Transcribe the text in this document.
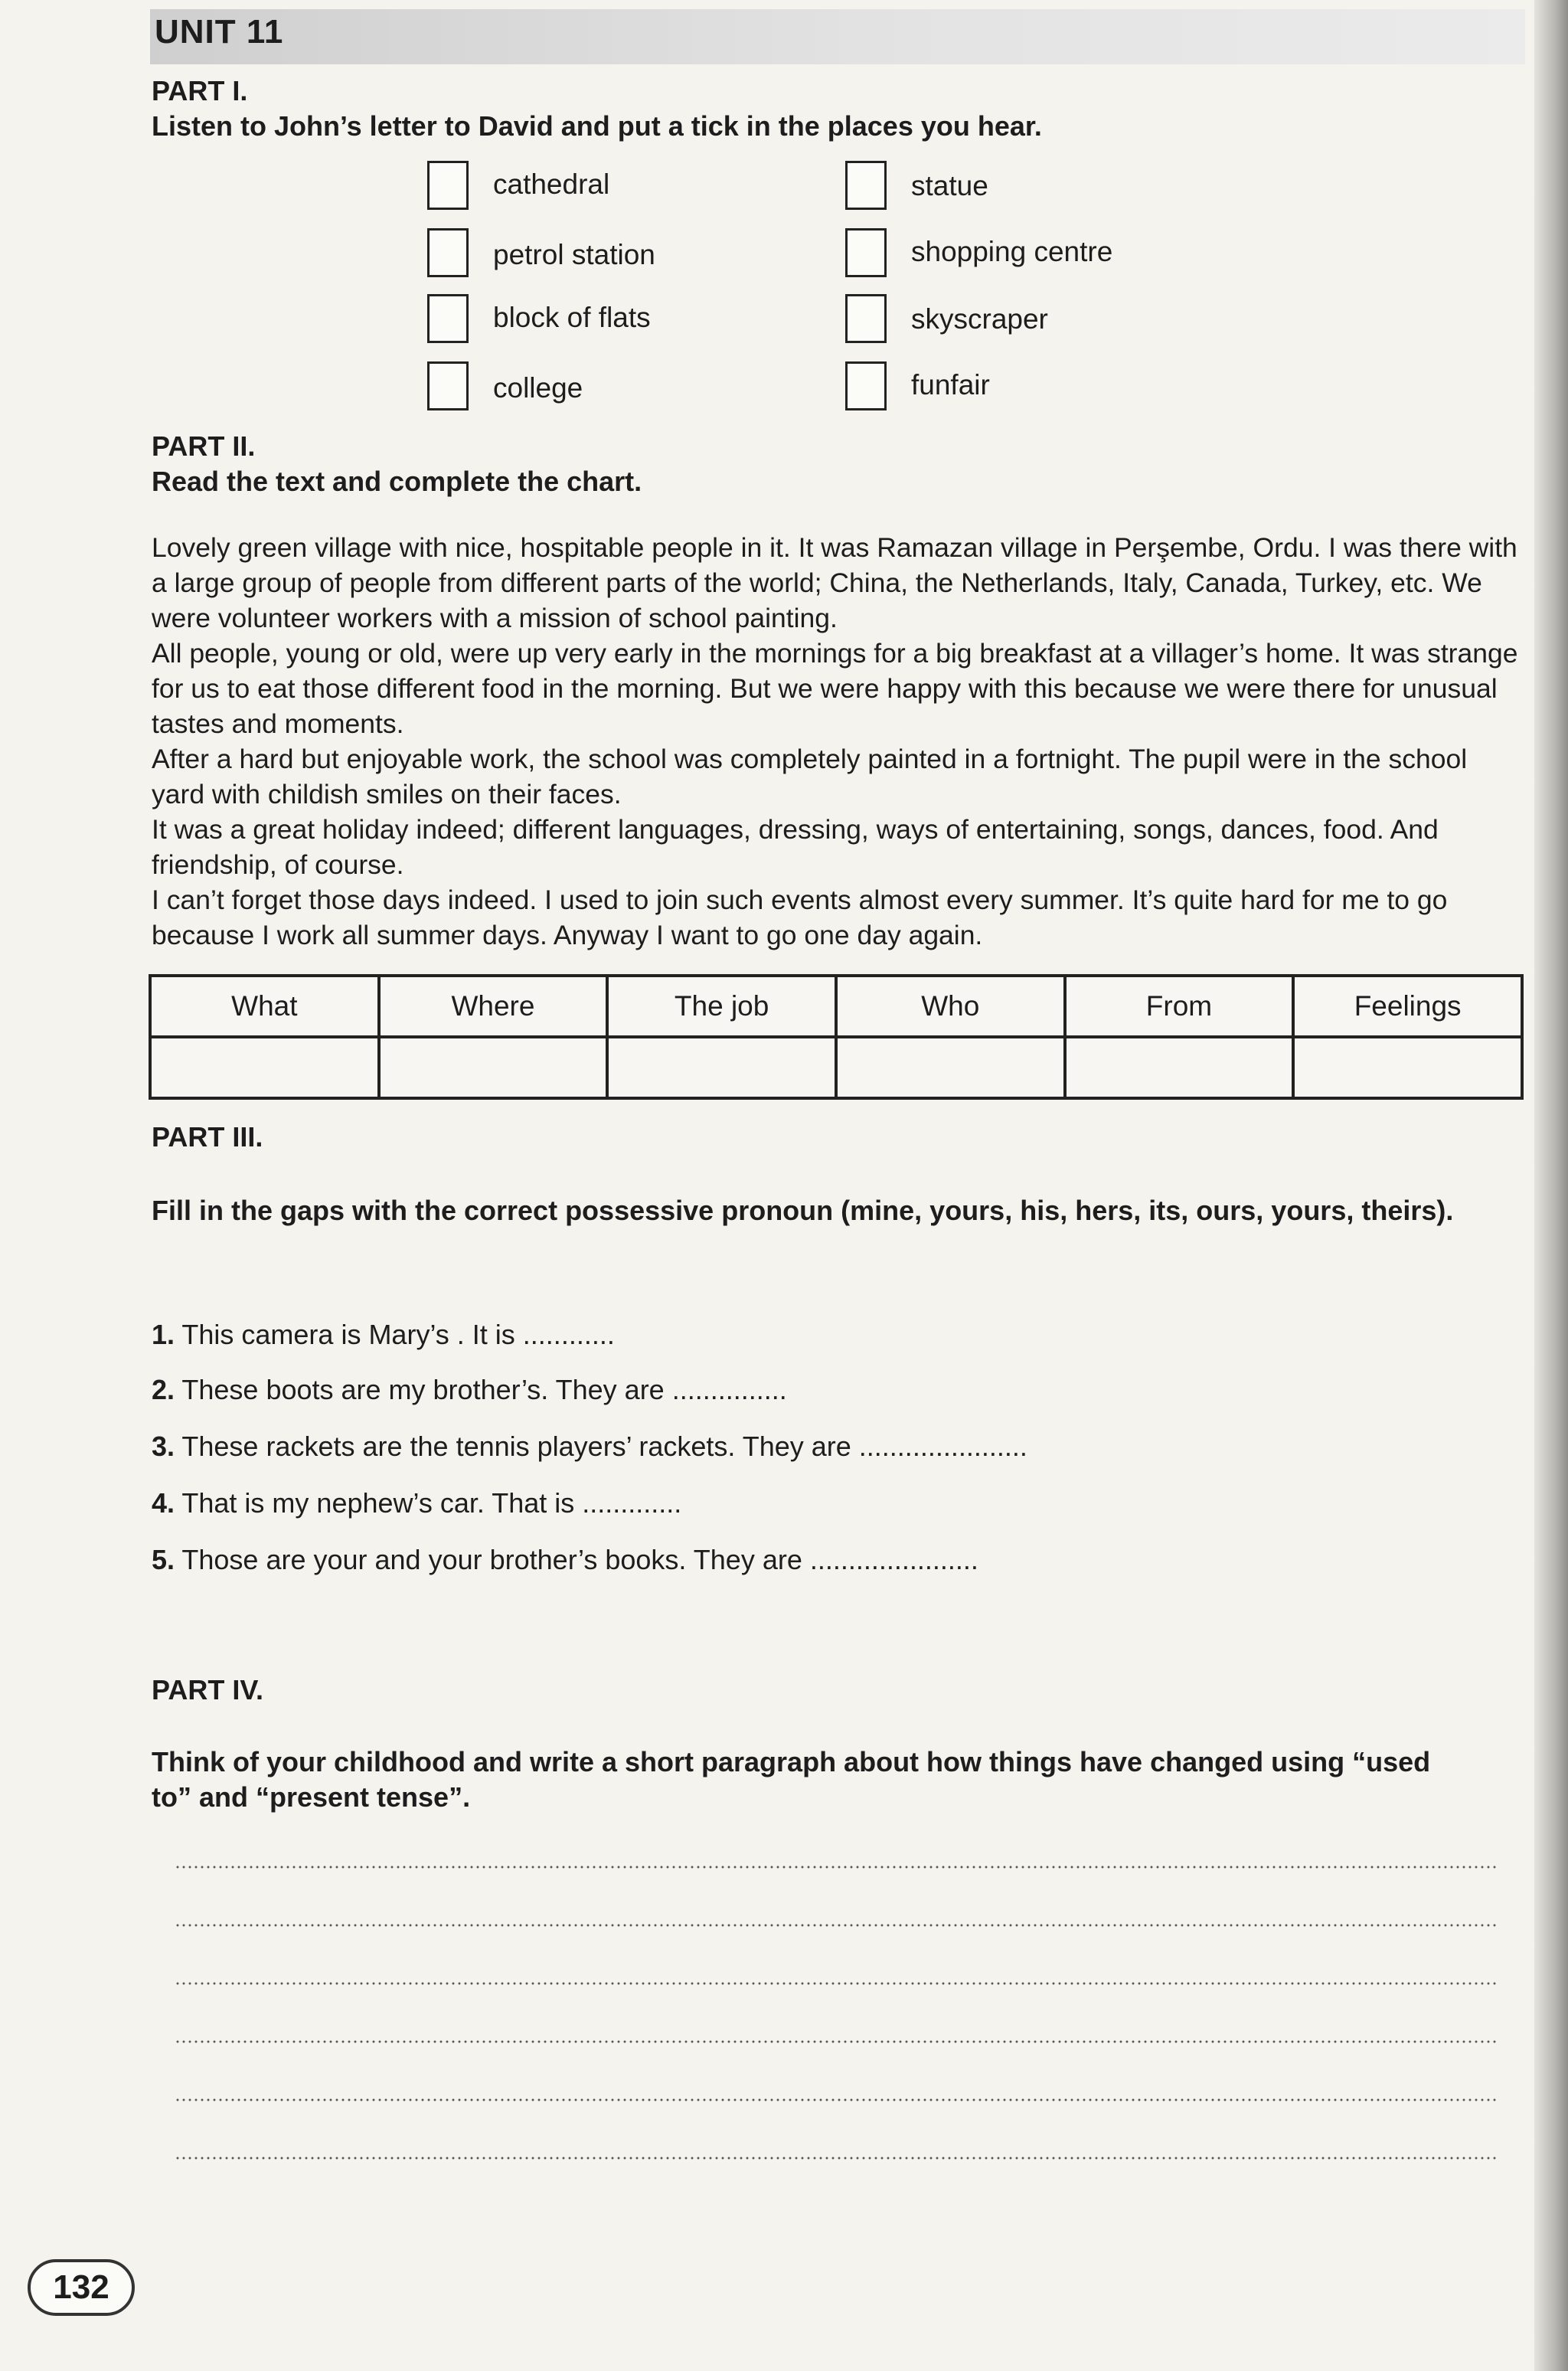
UNIT 11
PART I.
Listen to John’s letter to David and put a tick in the places you hear.
cathedral
petrol station
block of flats
college
statue
shopping centre
skyscraper
funfair
PART II.
Read the text and complete the chart.

Lovely green village with nice, hospitable people in it. It was Ramazan village in Perşembe, Ordu. I was there with a large group of people from different parts of the world; China, the Netherlands, Italy, Canada, Turkey, etc. We were volunteer workers with a mission of school painting.

All people, young or old, were up very early in the mornings for a big breakfast at a villager’s home. It was strange for us to eat those different food in the morning. But we were happy with this because we were there for unusual tastes and moments.

After a hard but enjoyable work, the school was completely painted in a fortnight. The pupil were in the school yard with childish smiles on their faces.

It was a great holiday indeed; different languages, dressing, ways of entertaining, songs, dances, food. And friendship, of course.

I can’t forget those days indeed. I used to join such events almost every summer. It’s quite hard for me to go because I work all summer days. Anyway I want to go one day again.

What	Where	The job	Who	From	Feelings

PART III.
Fill in the gaps with the correct possessive pronoun (mine, yours, his, hers, its, ours, yours, theirs).
1. This camera is Mary’s . It is ............
2. These boots are my brother’s. They are ...............
3. These rackets are the tennis players’ rackets. They are ......................
4. That is my nephew’s car. That is .............
5. Those are your and your brother’s books. They are ......................
PART IV.
Think of your childhood and write a short paragraph about how things have changed using “used to” and “present tense”.
132
